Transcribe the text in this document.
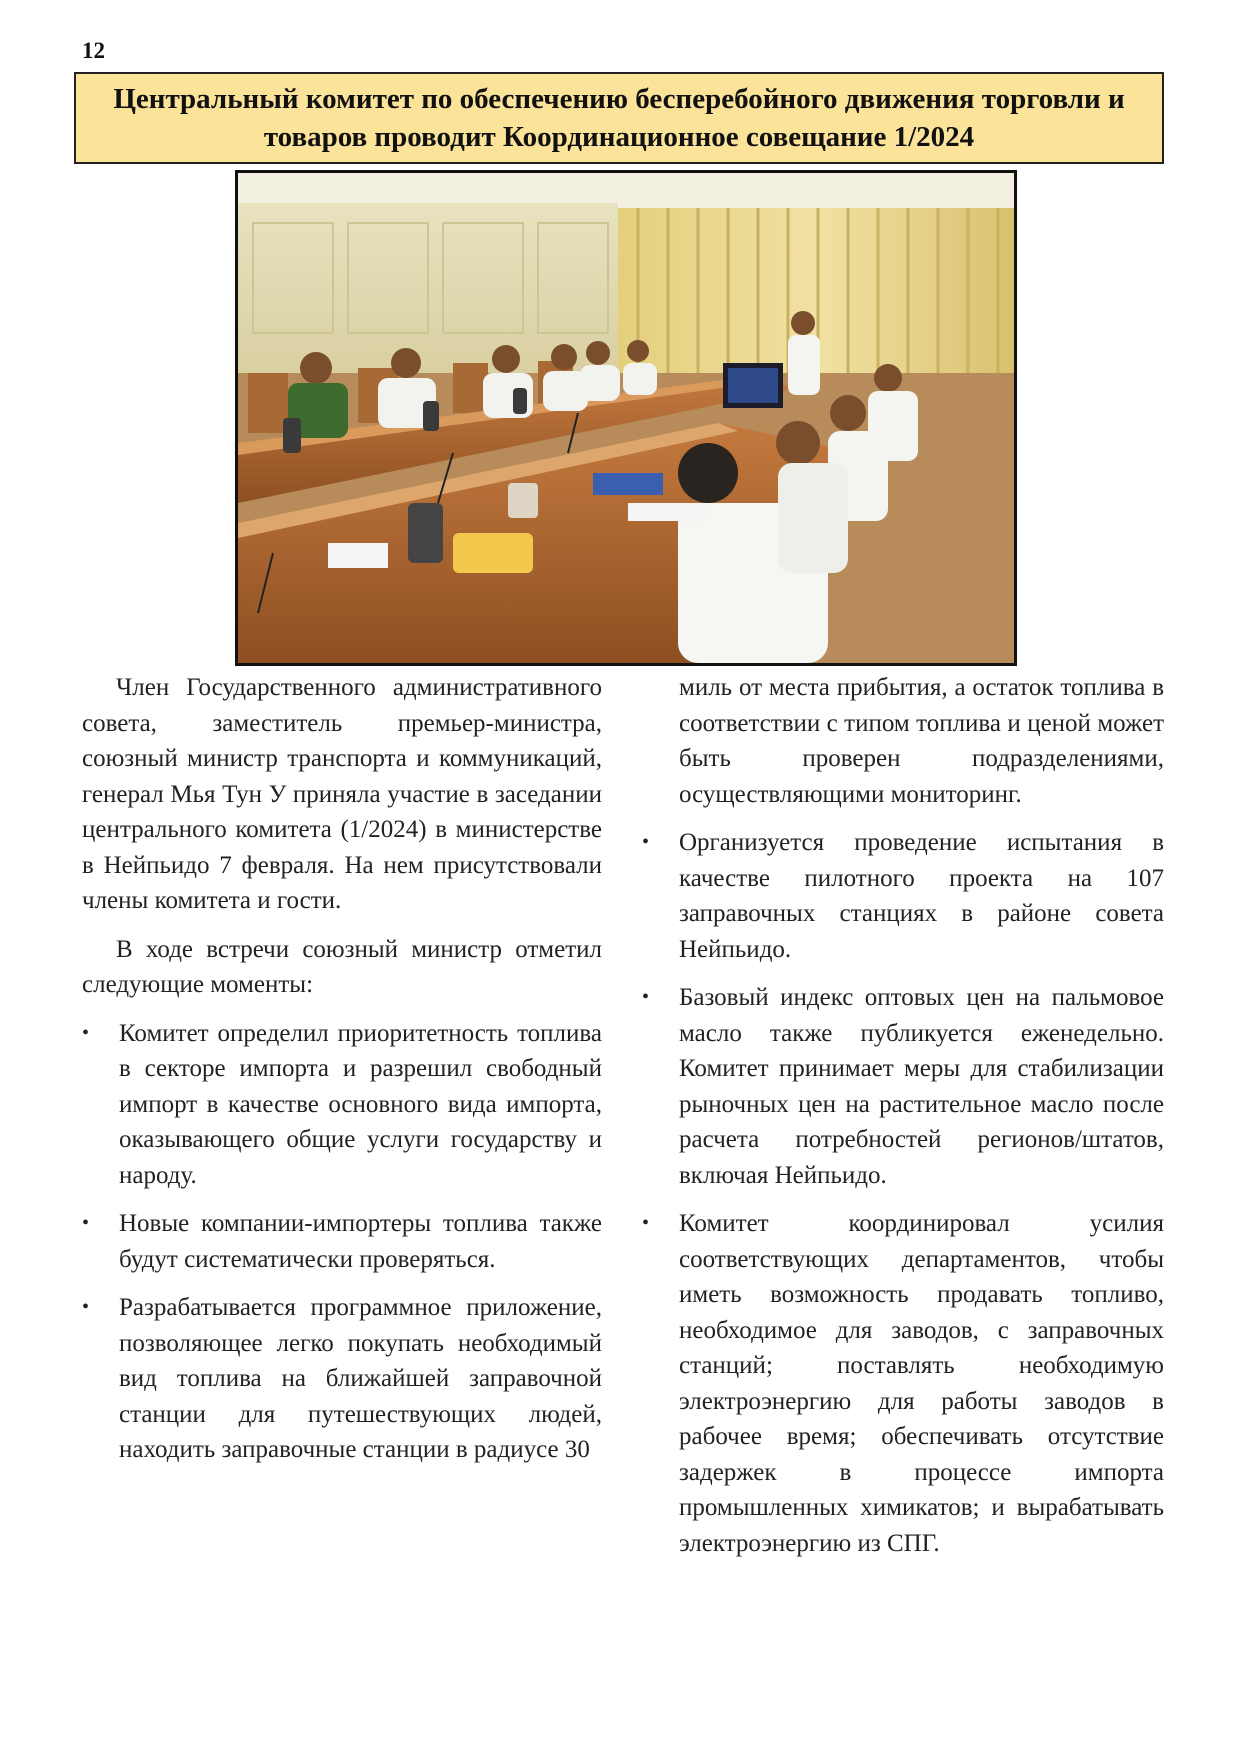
12
Центральный комитет по обеспечению бесперебойного движения торговли и товаров проводит Координационное совещание 1/2024

Член Государственного административного совета, заместитель премьер-министра, союзный министр транспорта и коммуникаций, генерал Мья Тун У приняла участие в заседании центрального комитета (1/2024) в министерстве в Нейпьидо 7 февраля. На нем присутствовали члены комитета и гости.

В ходе встречи союзный министр отметил следующие моменты:

•	Комитет определил приоритетность топлива в секторе импорта и разрешил свободный импорт в качестве основного вида импорта, оказывающего общие услуги государству и народу.
•	Новые компании-импортеры топлива также будут систематически проверяться.
•	Разрабатывается программное приложение, позволяющее легко покупать необходимый вид топлива на ближайшей заправочной станции для путешествующих людей, находить заправочные станции в радиусе 30
миль от места прибытия, а остаток топлива в соответствии с типом топлива и ценой может быть проверен подразделениями, осуществляющими мониторинг.
•	Организуется проведение испытания в качестве пилотного проекта на 107 заправочных станциях в районе совета Нейпьидо.
•	Базовый индекс оптовых цен на пальмовое масло также публикуется еженедельно. Комитет принимает меры для стабилизации рыночных цен на растительное масло после расчета потребностей регионов/штатов, включая Нейпьидо.
•	Комитет координировал усилия соответствующих департаментов, чтобы иметь возможность продавать топливо, необходимое для заводов, с заправочных станций; поставлять необходимую электроэнергию для работы заводов в рабочее время; обеспечивать отсутствие задержек в процессе импорта промышленных химикатов; и вырабатывать электроэнергию из СПГ.
